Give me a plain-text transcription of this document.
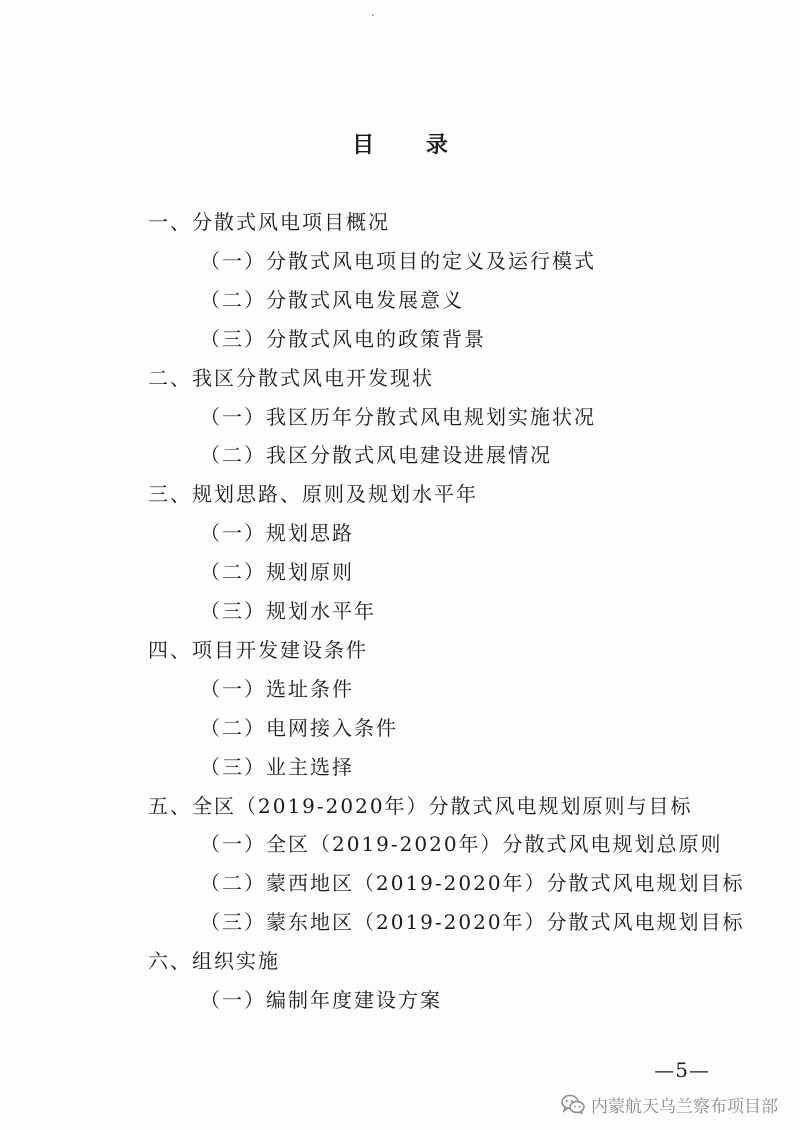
目 录
一、分散式风电项目概况
（一）分散式风电项目的定义及运行模式
（二）分散式风电发展意义
（三）分散式风电的政策背景
二、我区分散式风电开发现状
（一）我区历年分散式风电规划实施状况
（二）我区分散式风电建设进展情况
三、规划思路、原则及规划水平年
（一）规划思路
（二）规划原则
（三）规划水平年
四、项目开发建设条件
（一）选址条件
（二）电网接入条件
（三）业主选择
五、全区（2019-2020年）分散式风电规划原则与目标
（一）全区（2019-2020年）分散式风电规划总原则
（二）蒙西地区（2019-2020年）分散式风电规划目标
（三）蒙东地区（2019-2020年）分散式风电规划目标
六、组织实施
（一）编制年度建设方案
—5—
内蒙航天乌兰察布项目部
